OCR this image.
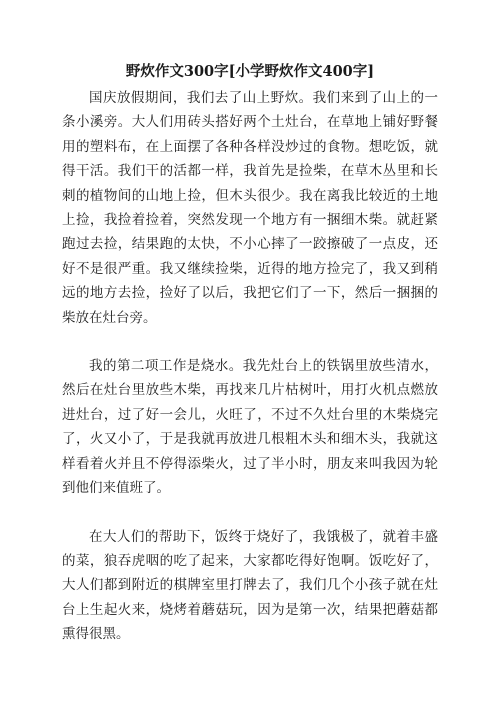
野炊作文300字[小学野炊作文400字]

国庆放假期间，我们去了山上野炊。我们来到了山上的一条小溪旁。大人们用砖头搭好两个土灶台，在草地上铺好野餐用的塑料布，在上面摆了各种各样没炒过的食物。想吃饭，就得干活。我们干的活都一样，我首先是捡柴，在草木丛里和长刺的植物间的山地上捡，但木头很少。我在离我比较近的土地上捡，我捡着捡着，突然发现一个地方有一捆细木柴。就赶紧跑过去捡，结果跑的太快，不小心摔了一跤擦破了一点皮，还好不是很严重。我又继续捡柴，近得的地方捡完了，我又到稍远的地方去捡，捡好了以后，我把它们了一下，然后一捆捆的柴放在灶台旁。

我的第二项工作是烧水。我先灶台上的铁锅里放些清水，然后在灶台里放些木柴，再找来几片枯树叶，用打火机点燃放进灶台，过了好一会儿，火旺了，不过不久灶台里的木柴烧完了，火又小了，于是我就再放进几根粗木头和细木头，我就这样看着火并且不停得添柴火，过了半小时，朋友来叫我因为轮到他们来值班了。

在大人们的帮助下，饭终于烧好了，我饿极了，就着丰盛的菜，狼吞虎咽的吃了起来，大家都吃得好饱啊。饭吃好了，大人们都到附近的棋牌室里打牌去了，我们几个小孩子就在灶台上生起火来，烧烤着蘑菇玩，因为是第一次，结果把蘑菇都熏得很黑。
